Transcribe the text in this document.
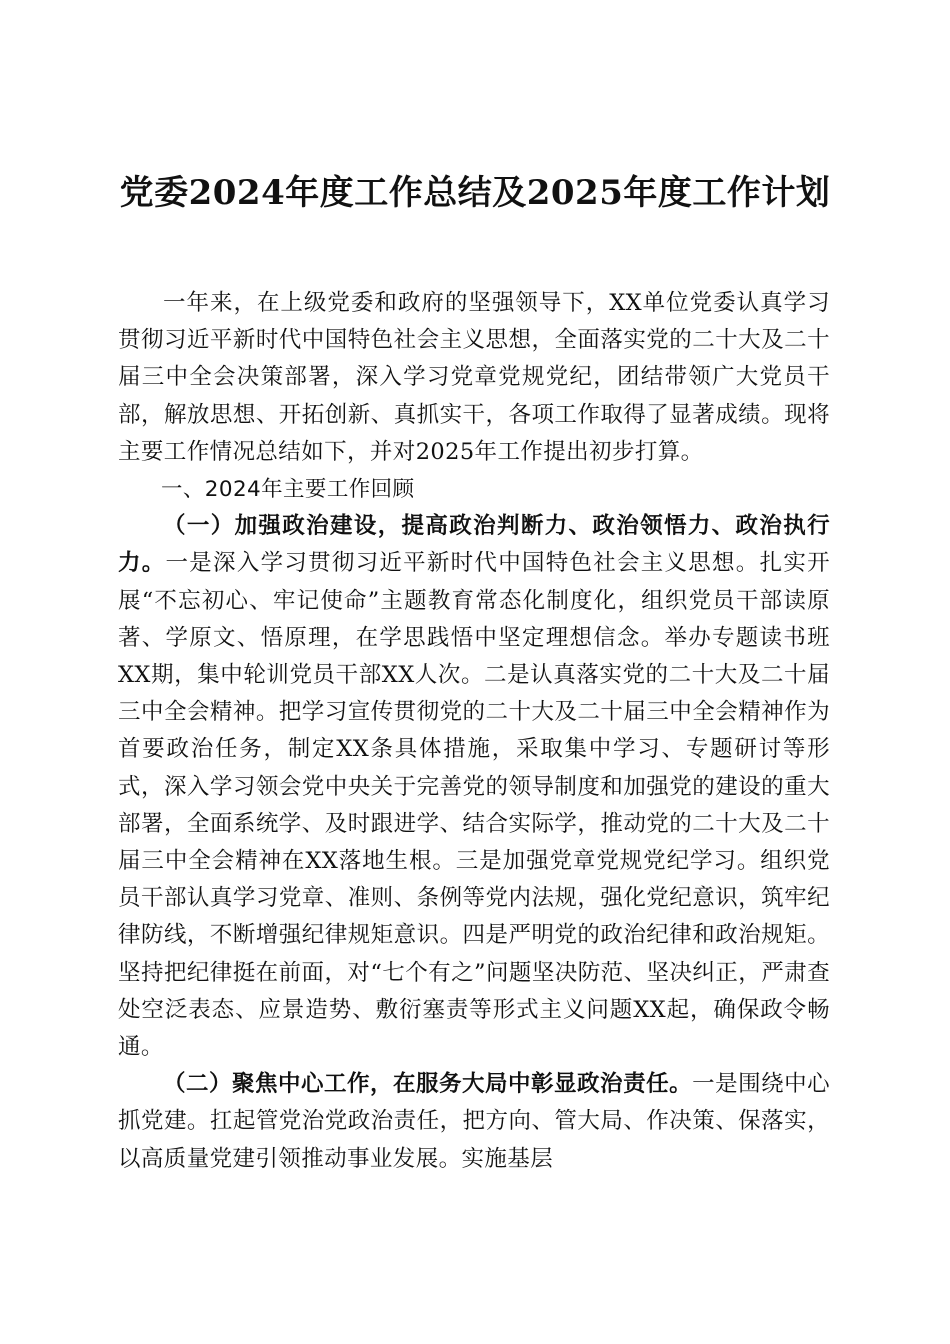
党委2024年度工作总结及2025年度工作计划

一年来，在上级党委和政府的坚强领导下，XX单位党委认真学习贯彻习近平新时代中国特色社会主义思想，全面落实党的二十大及二十届三中全会决策部署，深入学习党章党规党纪，团结带领广大党员干部，解放思想、开拓创新、真抓实干，各项工作取得了显著成绩。现将主要工作情况总结如下，并对2025年工作提出初步打算。

一、2024年主要工作回顾

（一）加强政治建设，提高政治判断力、政治领悟力、政治执行力。一是深入学习贯彻习近平新时代中国特色社会主义思想。扎实开展“不忘初心、牢记使命”主题教育常态化制度化，组织党员干部读原著、学原文、悟原理，在学思践悟中坚定理想信念。举办专题读书班XX期，集中轮训党员干部XX人次。二是认真落实党的二十大及二十届三中全会精神。把学习宣传贯彻党的二十大及二十届三中全会精神作为首要政治任务，制定XX条具体措施，采取集中学习、专题研讨等形式，深入学习领会党中央关于完善党的领导制度和加强党的建设的重大部署，全面系统学、及时跟进学、结合实际学，推动党的二十大及二十届三中全会精神在XX落地生根。三是加强党章党规党纪学习。组织党员干部认真学习党章、准则、条例等党内法规，强化党纪意识，筑牢纪律防线，不断增强纪律规矩意识。四是严明党的政治纪律和政治规矩。坚持把纪律挺在前面，对“七个有之”问题坚决防范、坚决纠正，严肃查处空泛表态、应景造势、敷衍塞责等形式主义问题XX起，确保政令畅通。

（二）聚焦中心工作，在服务大局中彰显政治责任。一是围绕中心抓党建。扛起管党治党政治责任，把方向、管大局、作决策、保落实，以高质量党建引领推动事业发展。实施基层
